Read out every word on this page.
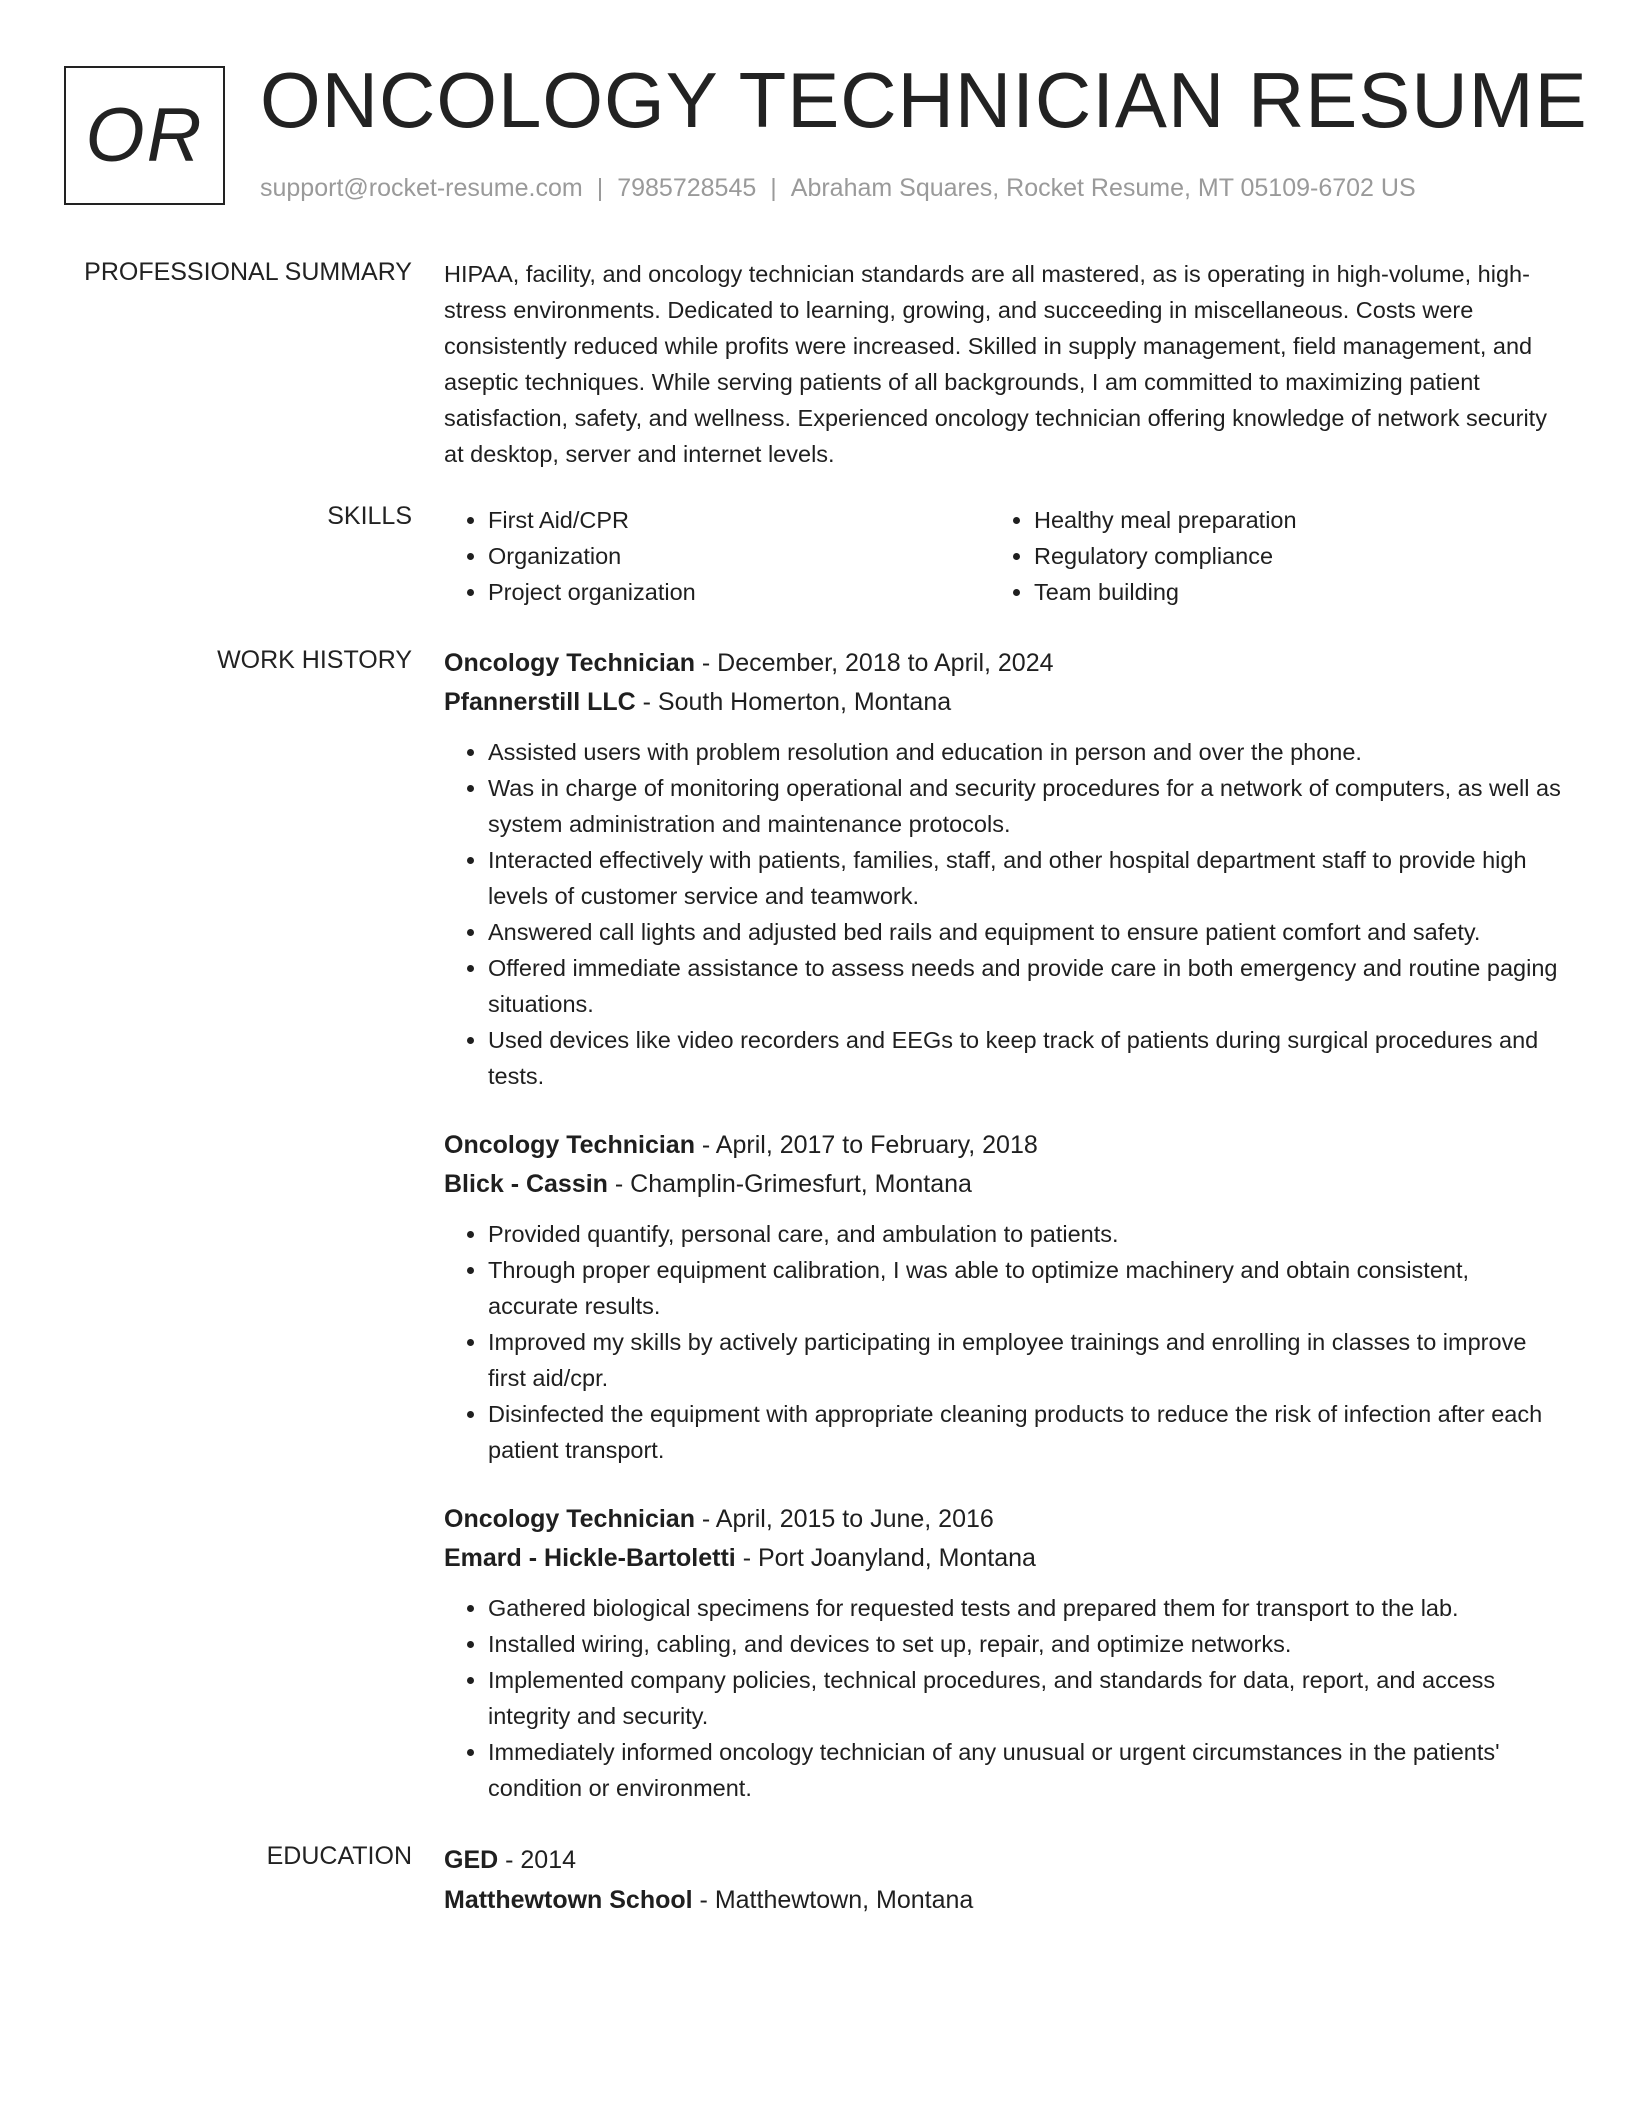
OR ONCOLOGY TECHNICIAN RESUME
support@rocket-resume.com | 7985728545 | Abraham Squares, Rocket Resume, MT 05109-6702 US
PROFESSIONAL SUMMARY HIPAA, facility, and oncology technician standards are all mastered, as is operating in high-volume, high-stress environments. Dedicated to learning, growing, and succeeding in miscellaneous. Costs were consistently reduced while profits were increased. Skilled in supply management, field management, and aseptic techniques. While serving patients of all backgrounds, I am committed to maximizing patient satisfaction, safety, and wellness. Experienced oncology technician offering knowledge of network security at desktop, server and internet levels.

SKILLS
•	First Aid/CPR
• Organization
• Project organization
• Healthy meal preparation
• Regulatory compliance
• Team building
WORK HISTORY Oncology Technician - December, 2018 to April, 2024
Pfannerstill LLC - South Homerton, Montana
• Assisted users with problem resolution and education in person and over the phone.
• Was in charge of monitoring operational and security procedures for a network of computers, as well as system administration and maintenance protocols.
• Interacted effectively with patients, families, staff, and other hospital department staff to provide high levels of customer service and teamwork.
• Answered call lights and adjusted bed rails and equipment to ensure patient comfort and safety.
• Offered immediate assistance to assess needs and provide care in both emergency and routine paging situations.
• Used devices like video recorders and EEGs to keep track of patients during surgical procedures and tests.
Oncology Technician - April, 2017 to February, 2018
Blick - Cassin - Champlin-Grimesfurt, Montana
• Provided quantify, personal care, and ambulation to patients.
• Through proper equipment calibration, I was able to optimize machinery and obtain consistent, accurate results.
• Improved my skills by actively participating in employee trainings and enrolling in classes to improve first aid/cpr.
• Disinfected the equipment with appropriate cleaning products to reduce the risk of infection after each patient transport.
Oncology Technician - April, 2015 to June, 2016
Emard - Hickle-Bartoletti - Port Joanyland, Montana
• Gathered biological specimens for requested tests and prepared them for transport to the lab.
• Installed wiring, cabling, and devices to set up, repair, and optimize networks.
• Implemented company policies, technical procedures, and standards for data, report, and access integrity and security.
• Immediately informed oncology technician of any unusual or urgent circumstances in the patients' condition or environment.
EDUCATION GED - 2014
Matthewtown School - Matthewtown, Montana
